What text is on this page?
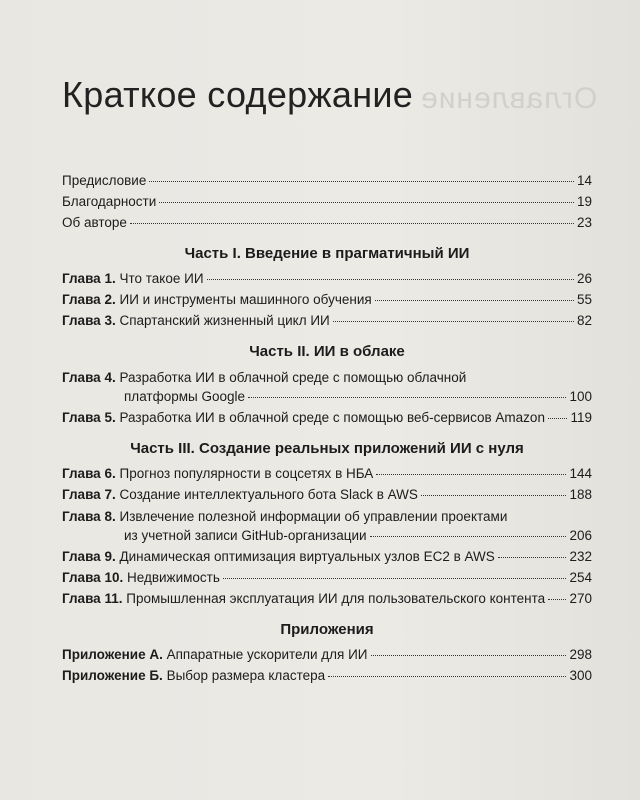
Оглавление
Краткое содержание
Предисловие	14
Благодарности	19
Об авторе	23
Часть I. Введение в прагматичный ИИ
Глава 1. Что такое ИИ	26
Глава 2. ИИ и инструменты машинного обучения	55
Глава 3. Спартанский жизненный цикл ИИ	82
Часть II. ИИ в облаке
Глава 4. Разработка ИИ в облачной среде с помощью облачной
платформы Google	100
Глава 5. Разработка ИИ в облачной среде с помощью веб-сервисов Amazon 119
Часть III. Создание реальных приложений ИИ с нуля
Глава 6. Прогноз популярности в соцсетях в НБА	144
Глава 7. Создание интеллектуального бота Slack в AWS	188
Глава 8. Извлечение полезной информации об управлении проектами
из учетной записи GitHub-организации	206
Глава 9. Динамическая оптимизация виртуальных узлов EC2 в AWS	232
Глава 10. Недвижимость	254
Глава 11. Промышленная эксплуатация ИИ для пользовательского контента 270
Приложения
Приложение А. Аппаратные ускорители для ИИ	298
Приложение Б. Выбор размера кластера	300
